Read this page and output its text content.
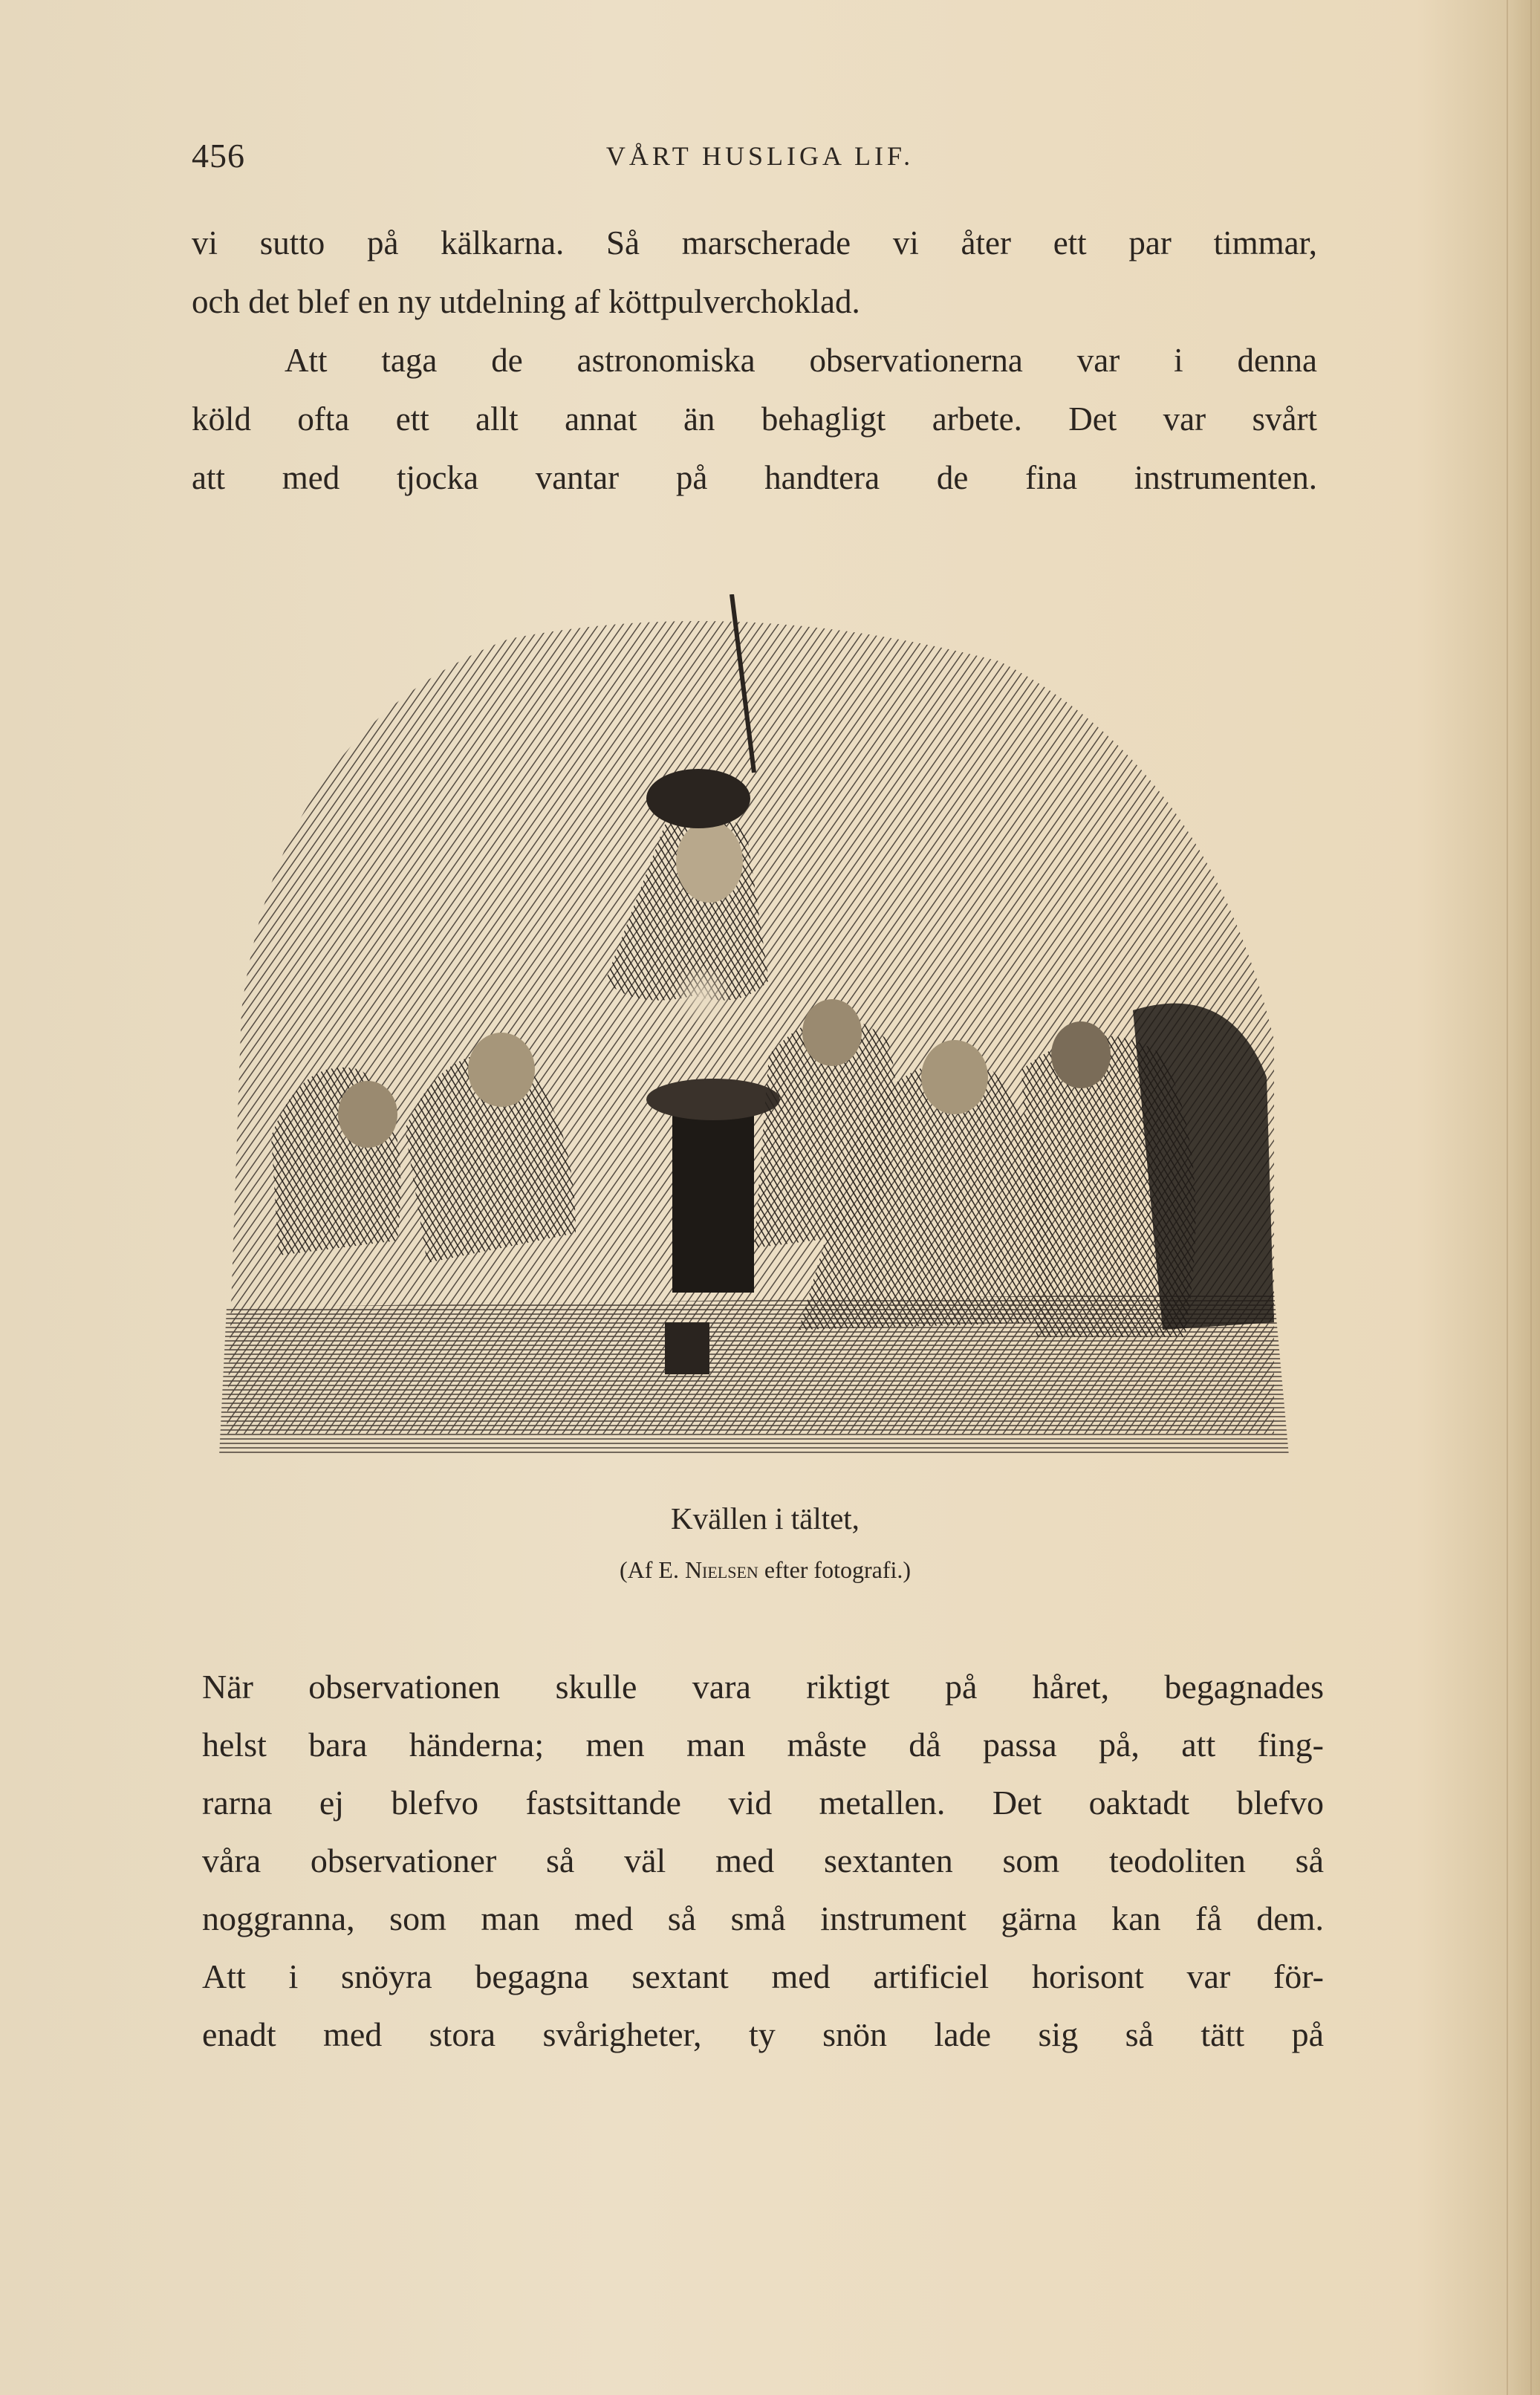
456	VÅRT HUSLIGA LIF.
vi sutto på kälkarna. Så marscherade vi åter ett par timmar,
och det blef en ny utdelning af köttpulverchoklad.
Att taga de astronomiska observationerna var i denna
köld ofta ett allt annat än behagligt arbete. Det var svårt
att med tjocka vantar på handtera de fina instrumenten.
Kvällen i tältet,
(Af E. Nielsen efter fotografi.)
När observationen skulle vara riktigt på håret, begagnades
helst bara händerna; men man måste då passa på, att fing-
rarna ej blefvo fastsittande vid metallen. Det oaktadt blefvo
våra observationer så väl med sextanten som teodoliten så
noggranna, som man med så små instrument gärna kan få dem.
Att i snöyra begagna sextant med artificiel horisont var för-
enadt med stora svårigheter, ty snön lade sig så tätt på
